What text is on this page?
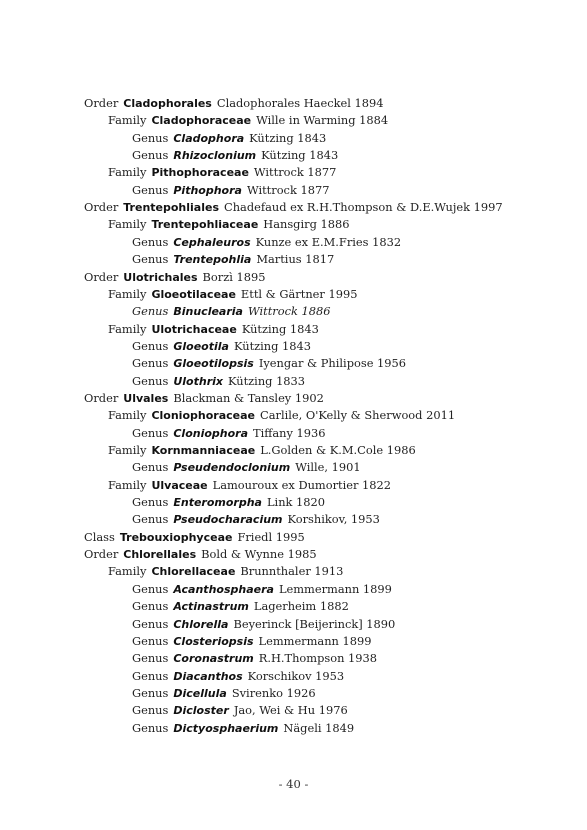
Order Cladophorales Cladophorales Haeckel 1894
Family Cladophoraceae Wille in Warming 1884
Genus Cladophora Kützing 1843
Genus Rhizoclonium Kützing 1843
Family Pithophoraceae Wittrock 1877
Genus Pithophora Wittrock 1877
Order Trentepohliales Chadefaud ex R.H.Thompson & D.E.Wujek 1997
Family Trentepohliaceae Hansgirg 1886
Genus Cephaleuros Kunze ex E.M.Fries 1832
Genus Trentepohlia Martius 1817
Order Ulotrichales Borzì 1895
Family Gloeotilaceae Ettl & Gärtner 1995
Genus Binuclearia Wittrock 1886
Family Ulotrichaceae Kützing 1843
Genus Gloeotila Kützing 1843
Genus Gloeotilopsis Iyengar & Philipose 1956
Genus Ulothrix Kützing 1833
Order Ulvales Blackman & Tansley 1902
Family Cloniophoraceae Carlile, O'Kelly & Sherwood 2011
Genus Cloniophora Tiffany 1936
Family Kornmanniaceae L.Golden & K.M.Cole 1986
Genus Pseudendoclonium Wille, 1901
Family Ulvaceae Lamouroux ex Dumortier 1822
Genus Enteromorpha Link 1820
Genus Pseudocharacium Korshikov, 1953
Class Trebouxiophyceae Friedl 1995
Order Chlorellales Bold & Wynne 1985
Family Chlorellaceae Brunnthaler 1913
Genus Acanthosphaera Lemmermann 1899
Genus Actinastrum Lagerheim 1882
Genus Chlorella Beyerinck [Beijerinck] 1890
Genus Closteriopsis Lemmermann 1899
Genus Coronastrum R.H.Thompson 1938
Genus Diacanthos Korschikov 1953
Genus Dicellula Svirenko 1926
Genus Dicloster Jao, Wei & Hu 1976
Genus Dictyosphaerium Nägeli 1849
- 40 -
